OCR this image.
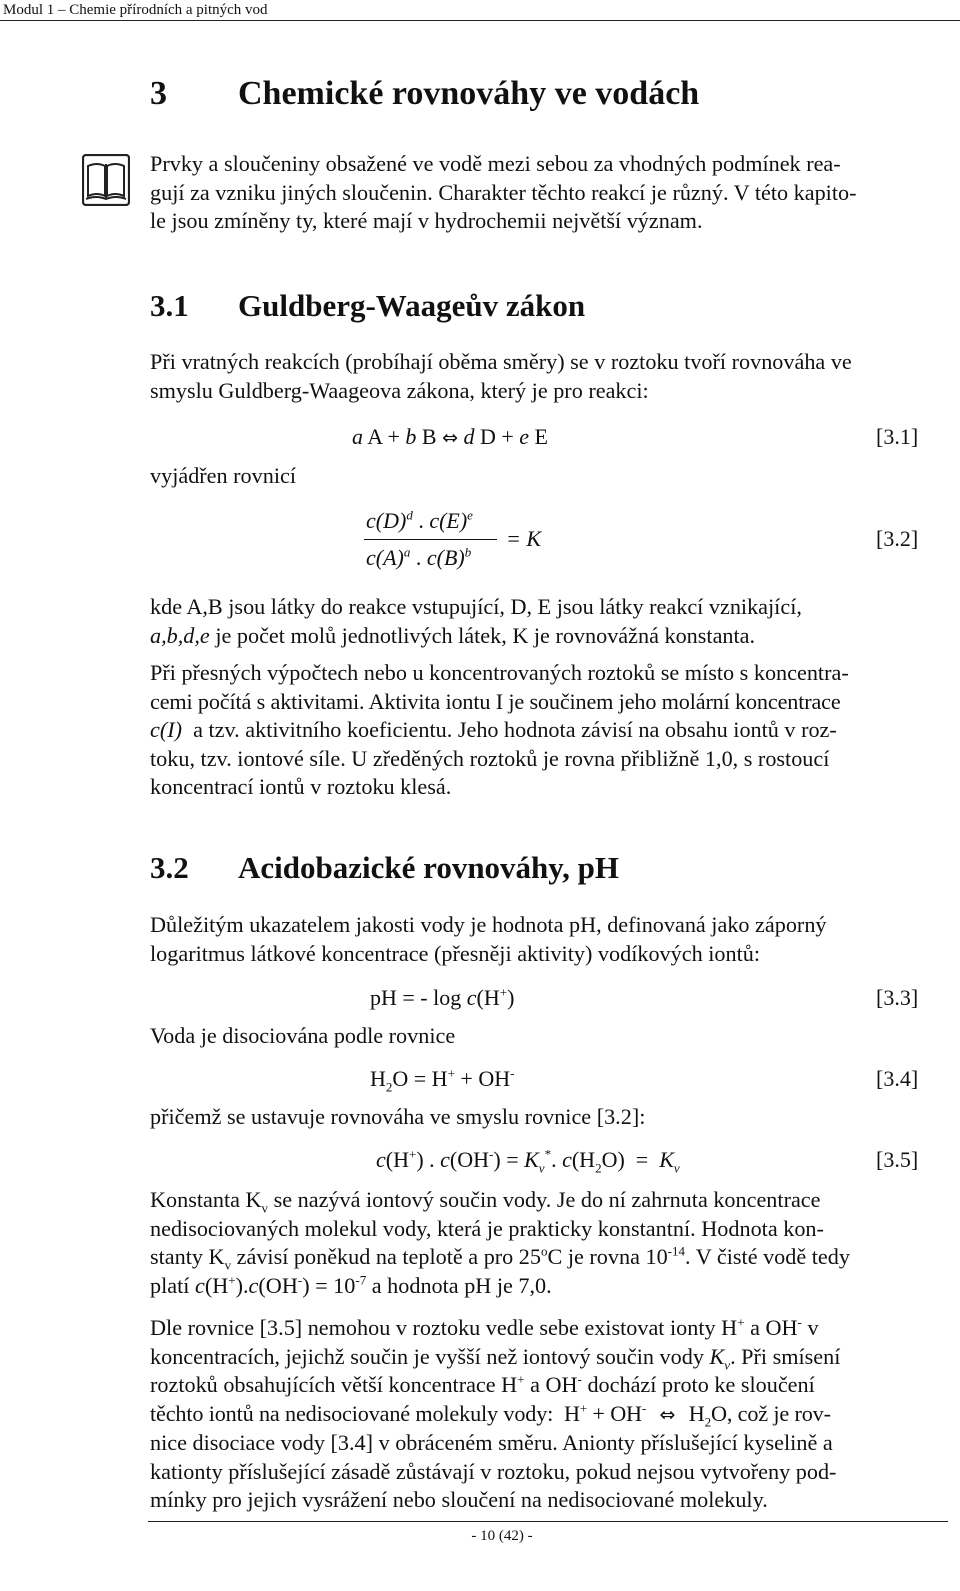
Modul 1 – Chemie přírodních a pitných vod
3 Chemické rovnováhy ve vodách
Prvky a sloučeniny obsažené ve vodě mezi sebou za vhodných podmínek rea-
gují za vzniku jiných sloučenin. Charakter těchto reakcí je různý. V této kapito-
le jsou zmíněny ty, které mají v hydrochemii největší význam.
3.1 Guldberg-Waageův zákon
Při vratných reakcích (probíhají oběma směry) se v roztoku tvoří rovnováha ve
smyslu Guldberg-Waageova zákona, který je pro reakci:
a A + b B ⇔ d D + e E	[3.1]
vyjádřen rovnicí
$c(D)^d$ . $c(E)^e$
$c(A)^a$ . $c(B)^b$
= K	[3.2]
kde A,B jsou látky do reakce vstupující, D, E jsou látky reakcí vznikající,
a,b,d,e je počet molů jednotlivých látek, K je rovnovážná konstanta.
Při přesných výpočtech nebo u koncentrovaných roztoků se místo s koncentra-
cemi počítá s aktivitami. Aktivita iontu I je součinem jeho molární koncentrace
c(I)  a tzv. aktivitního koeficientu. Jeho hodnota závisí na obsahu iontů v roz-
toku, tzv. iontové síle. U zředěných roztoků je rovna přibližně 1,0, s rostoucí
koncentrací iontů v roztoku klesá.
3.2 Acidobazické rovnováhy, pH
Důležitým ukazatelem jakosti vody je hodnota pH, definovaná jako záporný
logaritmus látkové koncentrace (přesněji aktivity) vodíkových iontů:
pH = - log c(H+)	[3.3]
Voda je disociována podle rovnice
$H_2O = H^+ + OH^-$	[3.4]
přičemž se ustavuje rovnováha ve smyslu rovnice [3.2]:
c(H+) . $c(OH^-) = K_v^*$. $c(H_2O) = K_v$	[3.5]
Konstanta $K_v$ se nazývá iontový součin vody. Je do ní zahrnuta koncentrace
nedisociovaných molekul vody, která je prakticky konstantní. Hodnota kon-
stanty $K_v$ závisí poněkud na teplotě a pro 25$^o$C je rovna $10^{-14}$. V čisté vodě tedy
platí $c(H^+).c(OH^-) = 10^{-7}$ a hodnota pH je 7,0.
Dle rovnice [3.5] nemohou v roztoku vedle sebe existovat ionty H+ a OH- v
koncentracích, jejichž součin je vyšší než iontový součin vody $K_v$. Při smísení
roztoků obsahujících větší koncentrace H+ a OH- dochází proto ke sloučení
těchto iontů na nedisociované molekuly vody:  H+ + OH- ⇔ $H_2O$, což je rov-
nice disociace vody [3.4] v obráceném směru. Anionty příslušející kyselině a
kationty příslušející zásadě zůstávají v roztoku, pokud nejsou vytvořeny pod-
mínky pro jejich vysrážení nebo sloučení na nedisociované molekuly.
- 10 (42) -
